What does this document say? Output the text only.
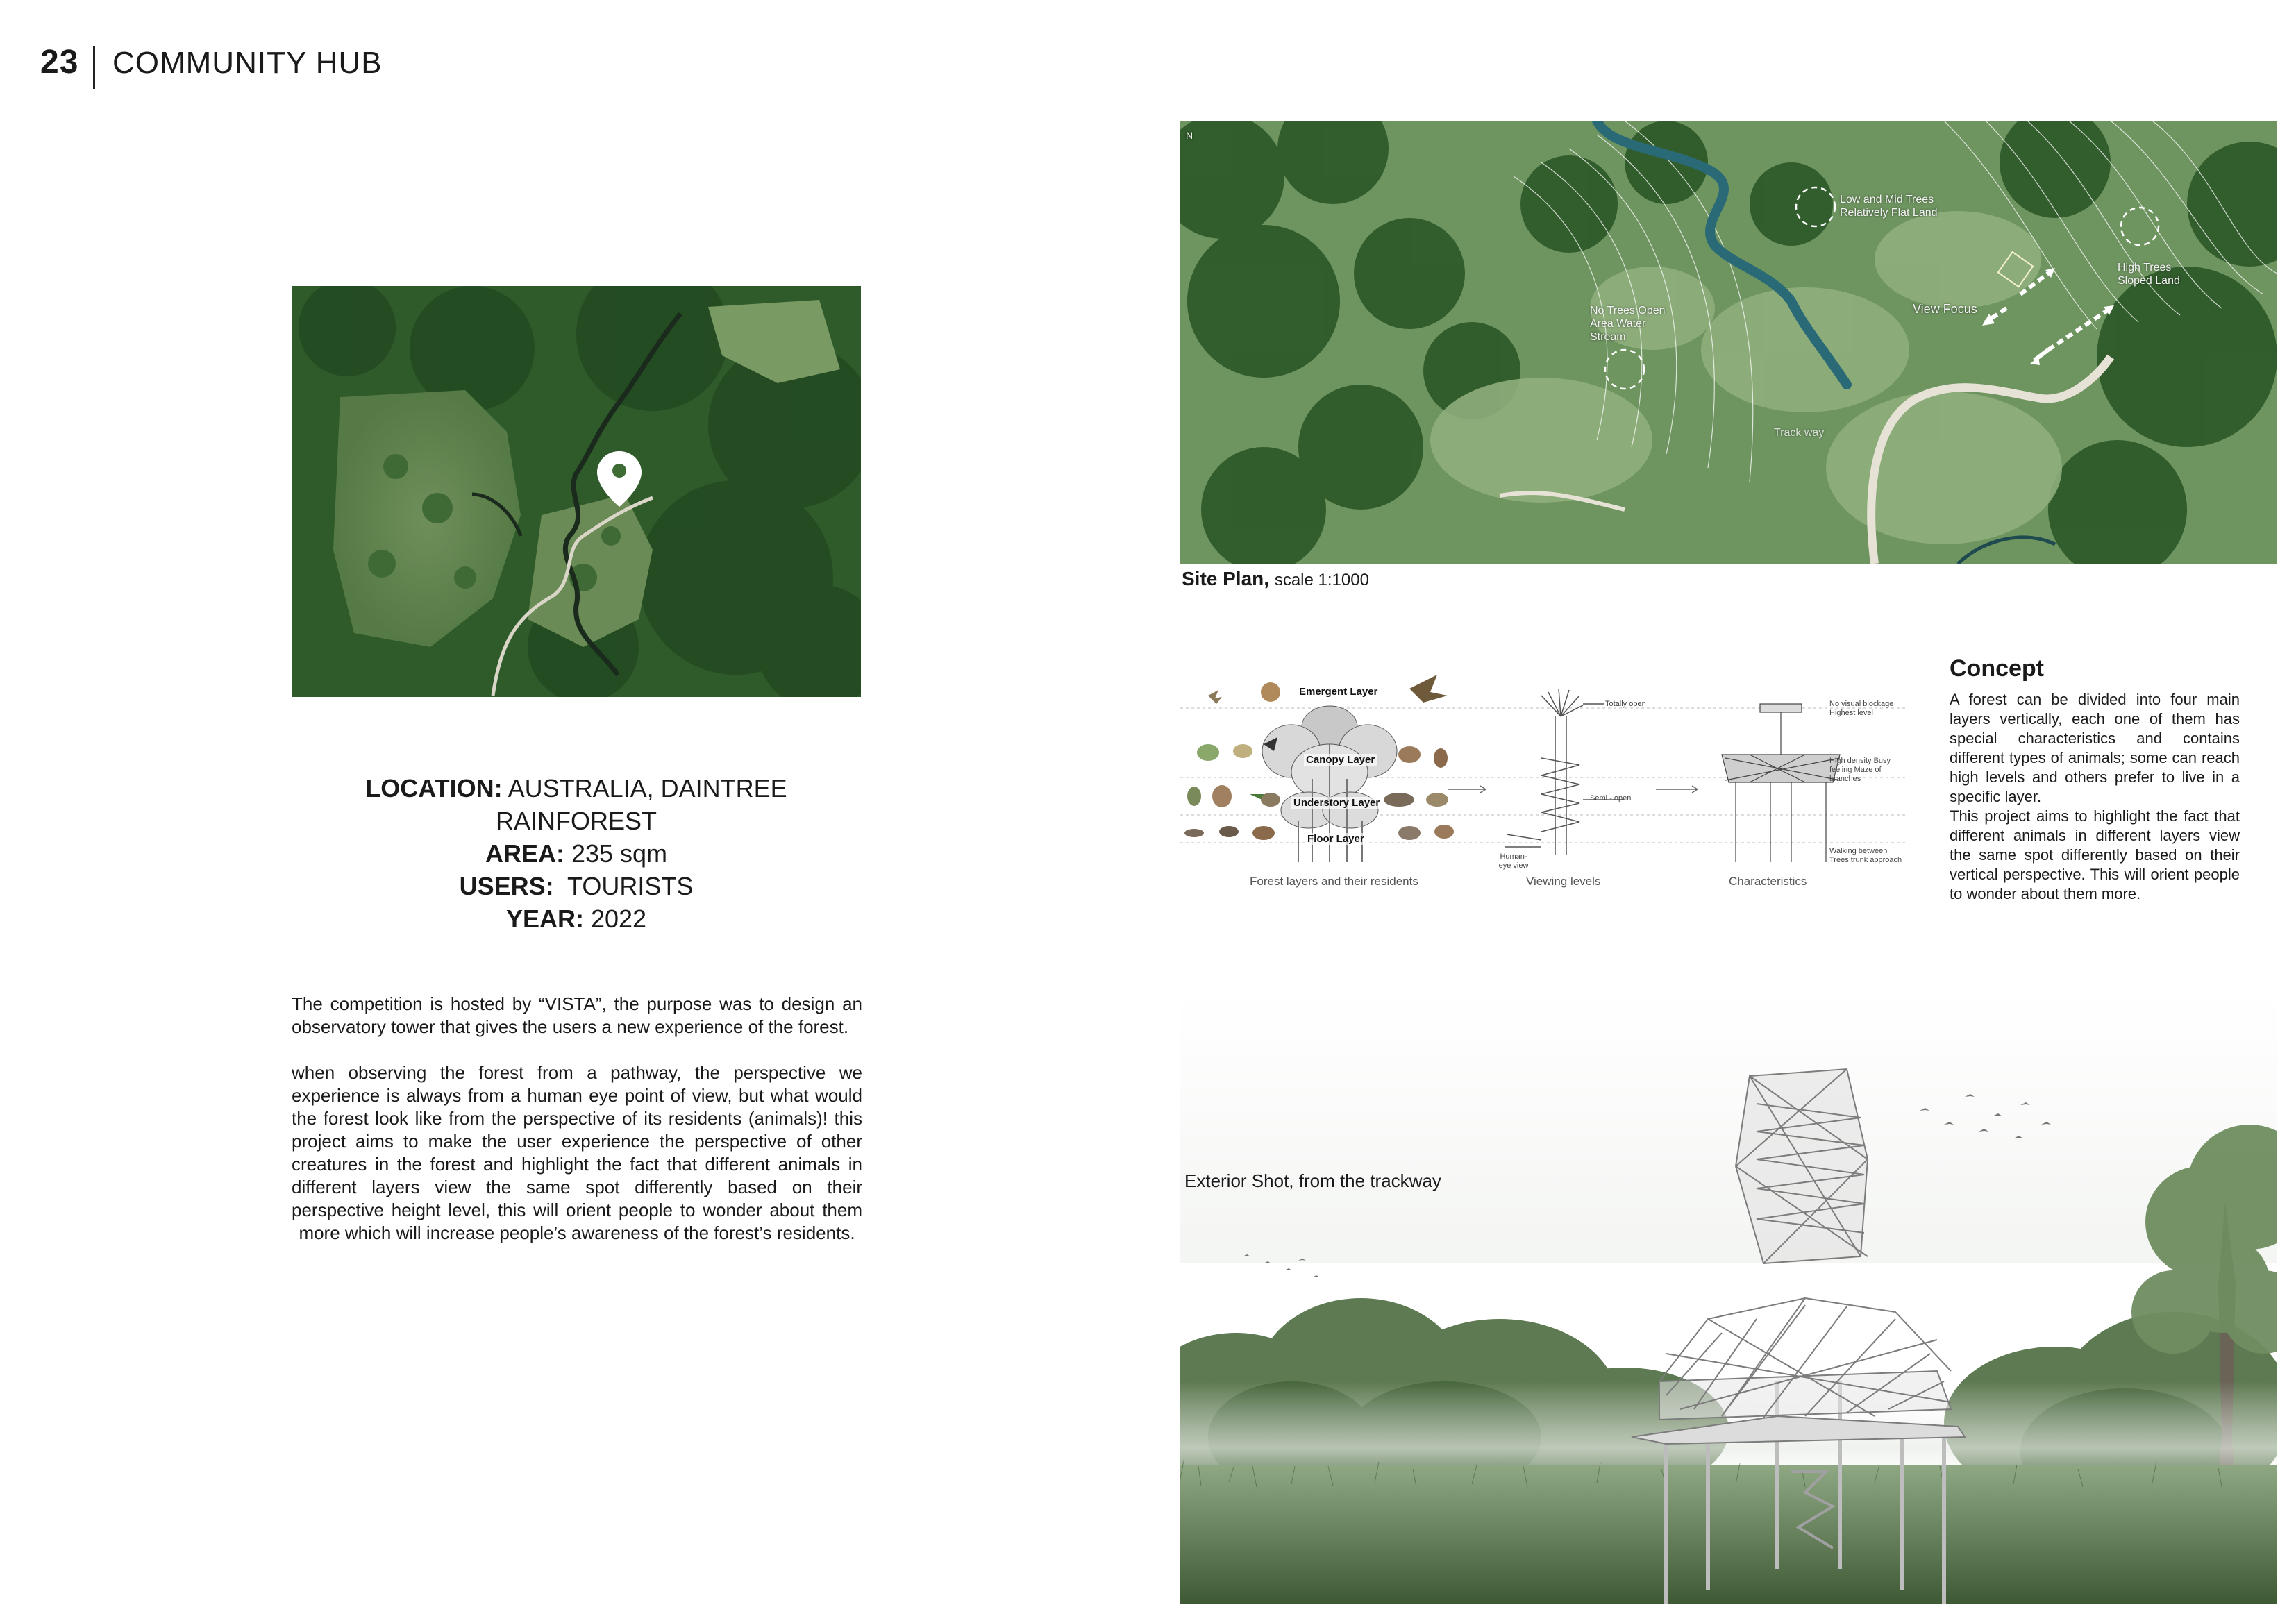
23 COMMUNITY HUB
LOCATION: AUSTRALIA, DAINTREE RAINFOREST
AREA: 235 sqm
USERS: TOURISTS
YEAR: 2022

The competition is hosted by “VISTA”, the purpose was to design an observatory tower that gives the users a new experience of the forest.

when observing the forest from a pathway, the perspective we experience is always from a human eye point of view, but what would the forest look like from the perspective of its residents (animals)! this project aims to make the user experience the perspective of other creatures in the forest and highlight the fact that different animals in different layers view the same spot differently based on their perspective height level, this will orient people to wonder about them more which will increase people’s awareness of the forest’s residents.

N
Low and Mid Trees Relatively Flat Land
High Trees Sloped Land
No Trees Open Area Water Stream
View Focus
Track way
Site Plan, scale 1:1000
Emergent Layer
Canopy Layer
Understory Layer
Floor Layer
Totally open
Semi - open
Human-eye view
No visual blockage Highest level
High density Busy feeling Maze of branches
Walking between Trees trunk approach
Forest layers and their residents	Viewing levels	Characteristics
Concept
A forest can be divided into four main layers vertically, each one of them has special characteristics and contains different types of animals; some can reach high levels and others prefer to live in a specific layer.
This project aims to highlight the fact that different animals in different layers view the same spot differently based on their vertical perspective. This will orient people to wonder about them more.
Exterior Shot, from the trackway
